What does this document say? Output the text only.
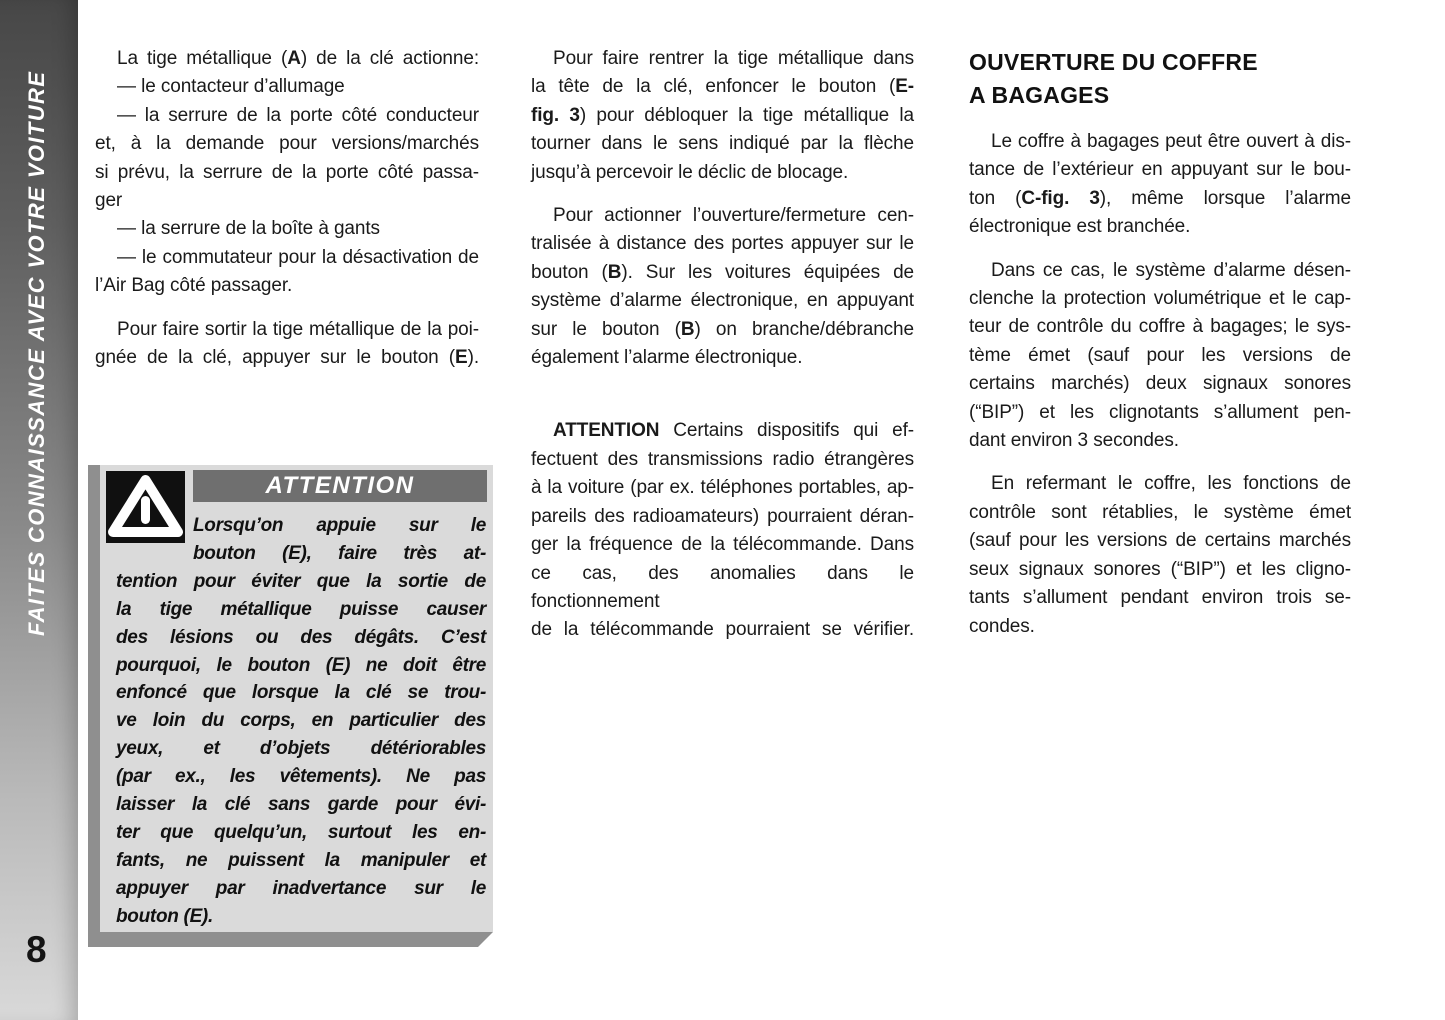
FAITES CONNAISSANCE AVEC VOTRE VOITURE
8
La tige métallique (A) de la clé actionne:
— le contacteur d’allumage
— la serrure de la porte côté conducteur
et, à la demande pour versions/marchés
si prévu, la serrure de la porte côté passa-
ger
— la serrure de la boîte à gants
— le commutateur pour la désactivation de
l’Air Bag côté passager.
Pour faire sortir la tige métallique de la poi-
gnée de la clé, appuyer sur le bouton (E).
Pour faire rentrer la tige métallique dans
la tête de la clé, enfoncer le bouton (E-
fig. 3) pour débloquer la tige métallique la
tourner dans le sens indiqué par la flèche
jusqu’à percevoir le déclic de blocage.
Pour actionner l’ouverture/fermeture cen-
tralisée à distance des portes appuyer sur le
bouton (B). Sur les voitures équipées de
système d’alarme électronique, en appuyant
sur le bouton (B) on branche/débranche
également l’alarme électronique.
ATTENTION Certains dispositifs qui ef-
fectuent des transmissions radio étrangères
à la voiture (par ex. téléphones portables, ap-
pareils des radioamateurs) pourraient déran-
ger la fréquence de la télécommande. Dans
ce cas, des anomalies dans le fonctionnement
de la télécommande pourraient se vérifier.
OUVERTURE DU COFFRE
A BAGAGES
Le coffre à bagages peut être ouvert à dis-
tance de l’extérieur en appuyant sur le bou-
ton (C-fig. 3), même lorsque l’alarme
électronique est branchée.
Dans ce cas, le système d’alarme désen-
clenche la protection volumétrique et le cap-
teur de contrôle du coffre à bagages; le sys-
tème émet (sauf pour les versions de
certains marchés) deux signaux sonores
(“BIP”) et les clignotants s’allument pen-
dant environ 3 secondes.
En refermant le coffre, les fonctions de
contrôle sont rétablies, le système émet
(sauf pour les versions de certains marchés
seux signaux sonores (“BIP”) et les cligno-
tants s’allument pendant environ trois se-
condes.
ATTENTION
Lorsqu’on appuie sur le
bouton (E), faire très at-
tention pour éviter que la sortie de
la tige métallique puisse causer
des lésions ou des dégâts. C’est
pourquoi, le bouton (E) ne doit être
enfoncé que lorsque la clé se trou-
ve loin du corps, en particulier des
yeux, et d’objets détériorables
(par ex., les vêtements). Ne pas
laisser la clé sans garde pour évi-
ter que quelqu’un, surtout les en-
fants, ne puissent la manipuler et
appuyer par inadvertance sur le
bouton (E).
